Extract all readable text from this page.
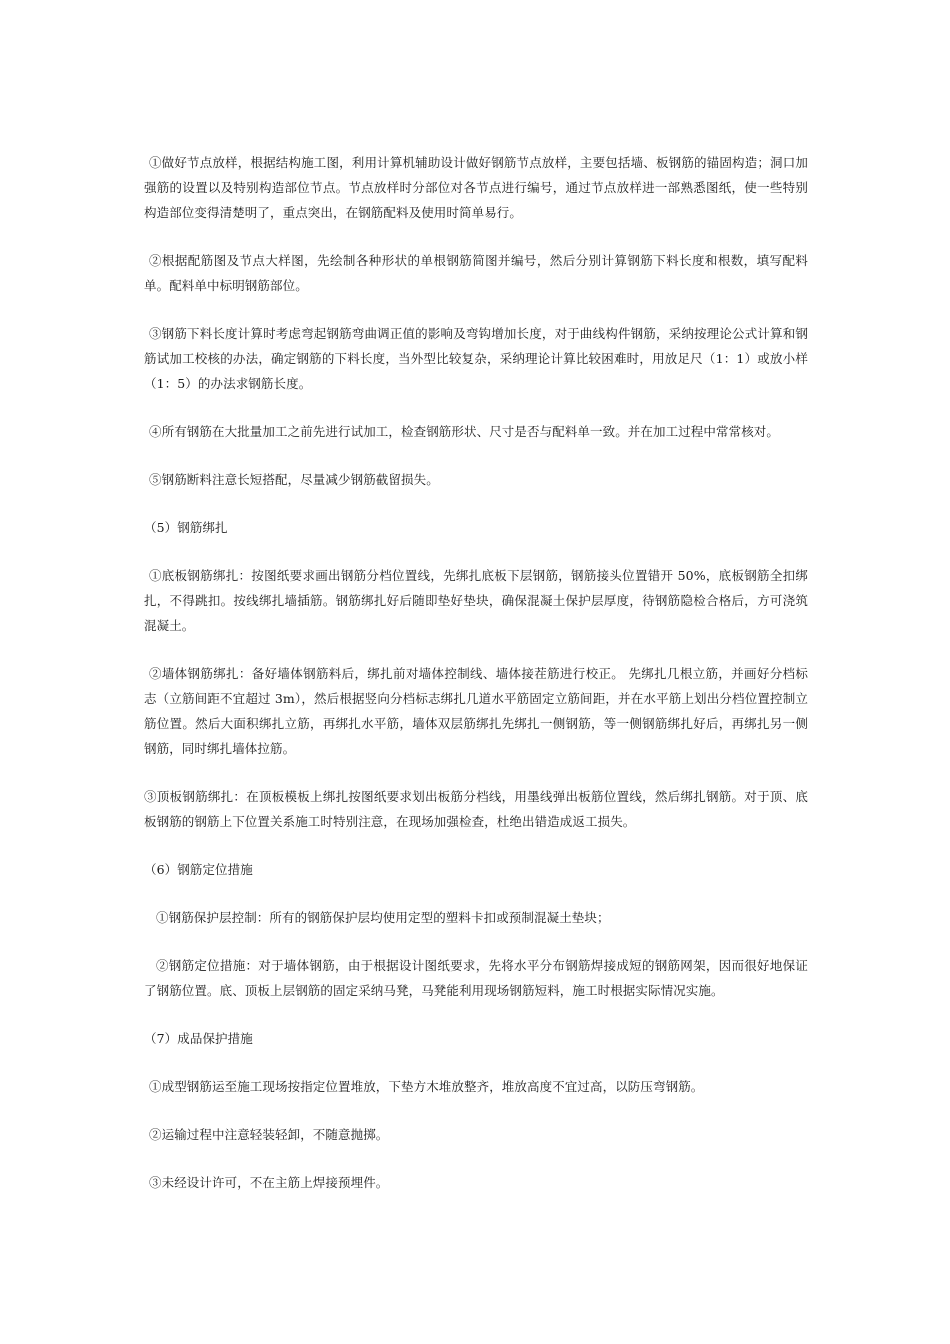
①做好节点放样，根据结构施工图，利用计算机辅助设计做好钢筋节点放样，主要包括墙、板钢筋的锚固构造；洞口加强筋的设置以及特别构造部位节点。节点放样时分部位对各节点进行编号，通过节点放样进一部熟悉图纸，使一些特别构造部位变得清楚明了，重点突出，在钢筋配料及使用时简单易行。

②根据配筋图及节点大样图，先绘制各种形状的单根钢筋简图并编号，然后分别计算钢筋下料长度和根数，填写配料单。配料单中标明钢筋部位。

③钢筋下料长度计算时考虑弯起钢筋弯曲调正值的影响及弯钩增加长度，对于曲线构件钢筋，采纳按理论公式计算和钢筋试加工校核的办法，确定钢筋的下料长度，当外型比较复杂，采纳理论计算比较困难时，用放足尺（1：1）或放小样（1：5）的办法求钢筋长度。

④所有钢筋在大批量加工之前先进行试加工，检查钢筋形状、尺寸是否与配料单一致。并在加工过程中常常核对。

⑤钢筋断料注意长短搭配，尽量减少钢筋截留损失。

（5）钢筋绑扎

①底板钢筋绑扎：按图纸要求画出钢筋分档位置线，先绑扎底板下层钢筋，钢筋接头位置错开 50%，底板钢筋全扣绑扎，不得跳扣。按线绑扎墙插筋。钢筋绑扎好后随即垫好垫块，确保混凝土保护层厚度，待钢筋隐检合格后，方可浇筑混凝土。

②墙体钢筋绑扎：备好墙体钢筋料后，绑扎前对墙体控制线、墙体接茬筋进行校正。 先绑扎几根立筋，并画好分档标志（立筋间距不宜超过 3m），然后根据竖向分档标志绑扎几道水平筋固定立筋间距，并在水平筋上划出分档位置控制立筋位置。然后大面积绑扎立筋，再绑扎水平筋，墙体双层筋绑扎先绑扎一侧钢筋，等一侧钢筋绑扎好后，再绑扎另一侧钢筋，同时绑扎墙体拉筋。

③顶板钢筋绑扎：在顶板模板上绑扎按图纸要求划出板筋分档线，用墨线弹出板筋位置线，然后绑扎钢筋。对于顶、底板钢筋的钢筋上下位置关系施工时特别注意，在现场加强检查，杜绝出错造成返工损失。

（6）钢筋定位措施

①钢筋保护层控制：所有的钢筋保护层均使用定型的塑料卡扣或预制混凝土垫块；

②钢筋定位措施：对于墙体钢筋，由于根据设计图纸要求，先将水平分布钢筋焊接成短的钢筋网架，因而很好地保证了钢筋位置。底、顶板上层钢筋的固定采纳马凳，马凳能利用现场钢筋短料，施工时根据实际情况实施。

（7）成品保护措施

①成型钢筋运至施工现场按指定位置堆放，下垫方木堆放整齐，堆放高度不宜过高，以防压弯钢筋。

②运输过程中注意轻装轻卸，不随意抛掷。

③未经设计许可，不在主筋上焊接预埋件。
